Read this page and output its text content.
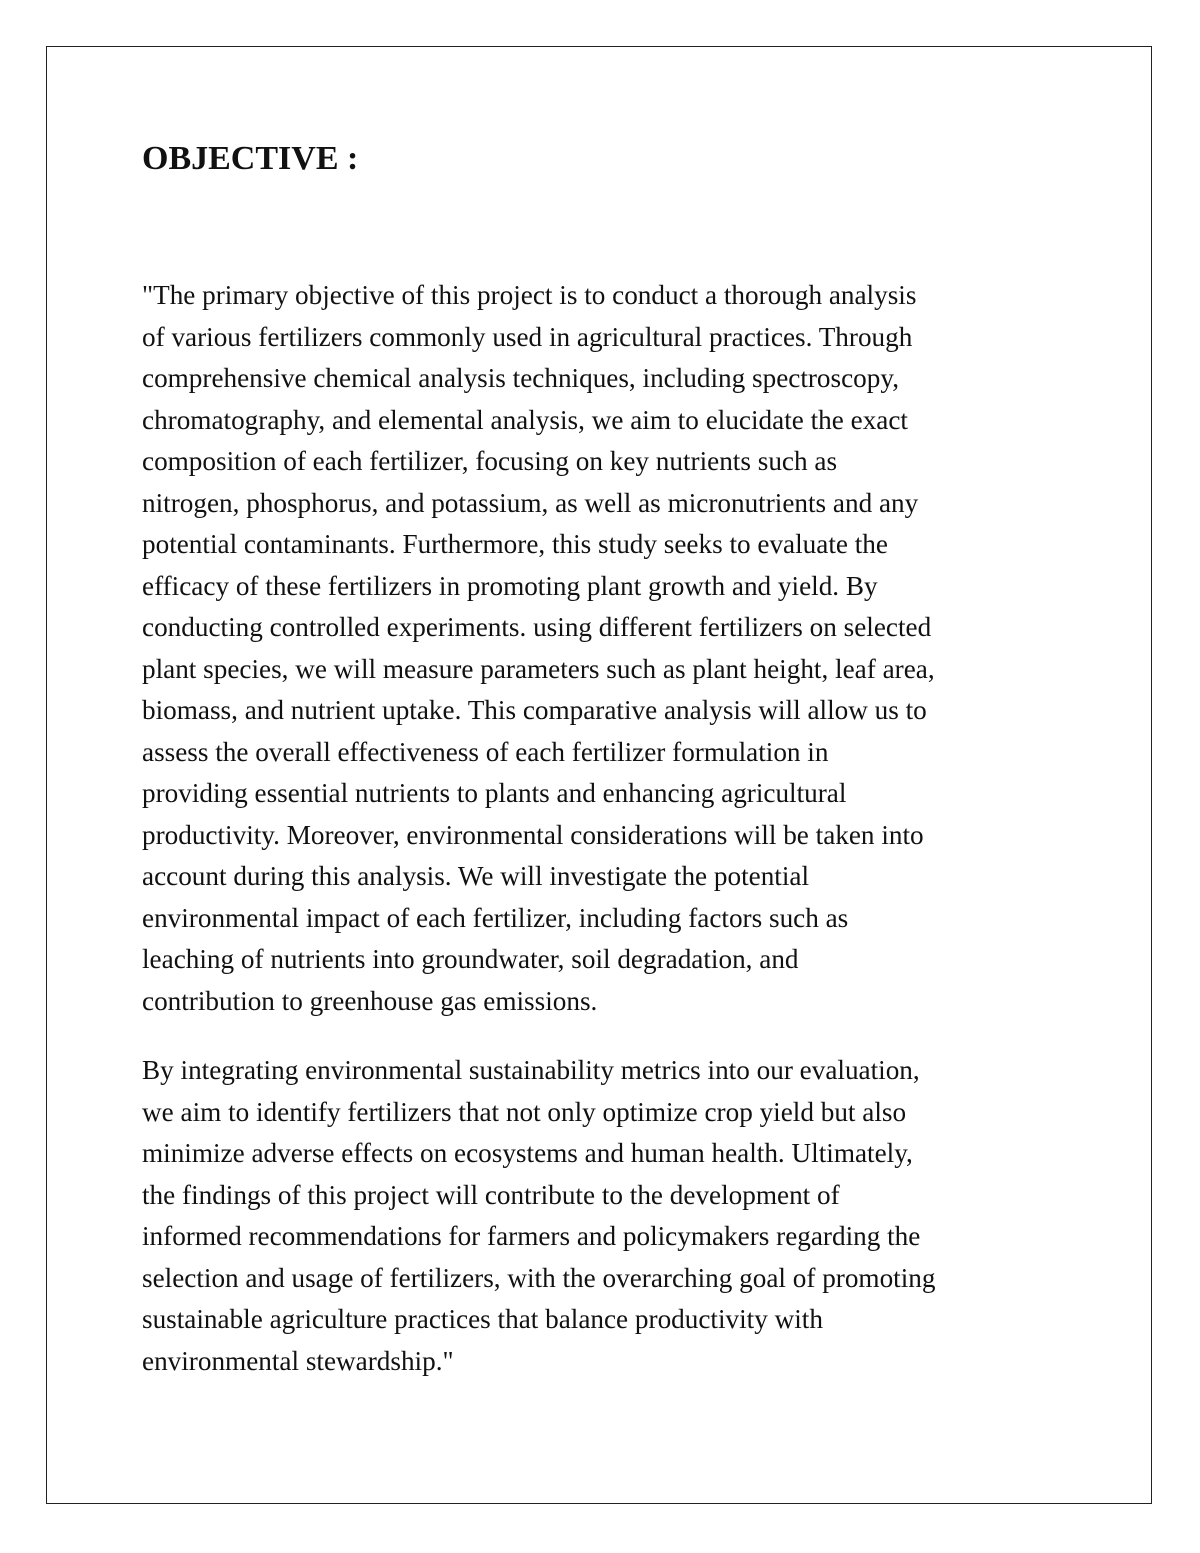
OBJECTIVE :
"The primary objective of this project is to conduct a thorough analysis
of various fertilizers commonly used in agricultural practices. Through
comprehensive chemical analysis techniques, including spectroscopy,
chromatography, and elemental analysis, we aim to elucidate the exact
composition of each fertilizer, focusing on key nutrients such as
nitrogen, phosphorus, and potassium, as well as micronutrients and any
potential contaminants. Furthermore, this study seeks to evaluate the
efficacy of these fertilizers in promoting plant growth and yield. By
conducting controlled experiments. using different fertilizers on selected
plant species, we will measure parameters such as plant height, leaf area,
biomass, and nutrient uptake. This comparative analysis will allow us to
assess the overall effectiveness of each fertilizer formulation in
providing essential nutrients to plants and enhancing agricultural
productivity. Moreover, environmental considerations will be taken into
account during this analysis. We will investigate the potential
environmental impact of each fertilizer, including factors such as
leaching of nutrients into groundwater, soil degradation, and
contribution to greenhouse gas emissions.
By integrating environmental sustainability metrics into our evaluation,
we aim to identify fertilizers that not only optimize crop yield but also
minimize adverse effects on ecosystems and human health. Ultimately,
the findings of this project will contribute to the development of
informed recommendations for farmers and policymakers regarding the
selection and usage of fertilizers, with the overarching goal of promoting
sustainable agriculture practices that balance productivity with
environmental stewardship."
